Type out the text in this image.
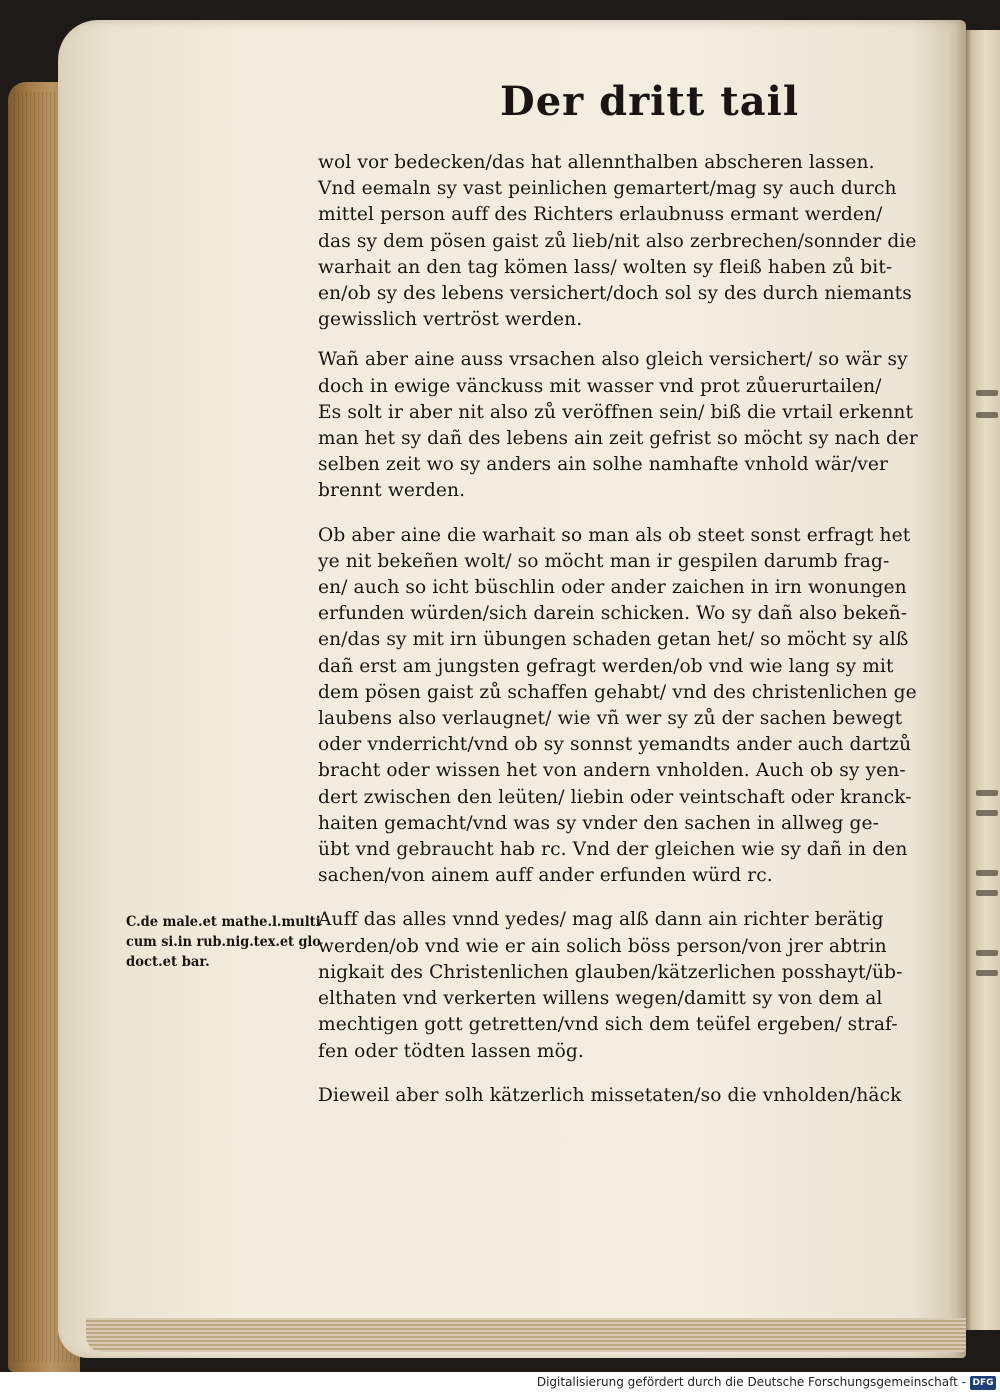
Der dritt tail
wol vor bedecken/das hat allennthalben abscheren lassen.
Vnd eemaln sy vast peinlichen gemartert/mag sy auch durch
mittel person auff des Richters erlaubnuss ermant werden/
das sy dem pösen gaist zů lieb/nit also zerbrechen/sonnder die
warhait an den tag kömen lass/ wolten sy fleiß haben zů bit-
en/ob sy des lebens versichert/doch sol sy des durch niemants
gewisslich vertröst werden.
Wañ aber aine auss vrsachen also gleich versichert/ so wär sy
doch in ewige vänckuss mit wasser vnd prot zůuerurtailen/
Es solt ir aber nit also zů veröffnen sein/ biß die vrtail erkennt
man het sy dañ des lebens ain zeit gefrist so möcht sy nach der
selben zeit wo sy anders ain solhe namhafte vnhold wär/ver
brennt werden.
Ob aber aine die warhait so man als ob steet sonst erfragt het
ye nit bekeñen wolt/ so möcht man ir gespilen darumb frag-
en/ auch so icht büschlin oder ander zaichen in irn wonungen
erfunden würden/sich darein schicken. Wo sy dañ also bekeñ-
en/das sy mit irn übungen schaden getan het/ so möcht sy alß
dañ erst am jungsten gefragt werden/ob vnd wie lang sy mit
dem pösen gaist zů schaffen gehabt/ vnd des christenlichen ge
laubens also verlaugnet/ wie vñ wer sy zů der sachen bewegt
oder vnderricht/vnd ob sy sonnst yemandts ander auch dartzů
bracht oder wissen het von andern vnholden. Auch ob sy yen-
dert zwischen den leüten/ liebin oder veintschaft oder kranck-
haiten gemacht/vnd was sy vnder den sachen in allweg ge-
übt vnd gebraucht hab rc. Vnd der gleichen wie sy dañ in den
sachen/von ainem auff ander erfunden würd rc.
Auff das alles vnnd yedes/ mag alß dann ain richter berätig
werden/ob vnd wie er ain solich böss person/von jrer abtrin
nigkait des Christenlichen glauben/kätzerlichen posshayt/üb-
elthaten vnd verkerten willens wegen/damitt sy von dem al
mechtigen gott getretten/vnd sich dem teüfel ergeben/ straf-
fen oder tödten lassen mög.
Dieweil aber solh kätzerlich missetaten/so die vnholden/häck
C.de male.et mathe.l.multi
cum si.in rub.nig.tex.et glo
doct.et bar.
Digitalisierung gefördert durch die Deutsche Forschungsgemeinschaft - DFG
